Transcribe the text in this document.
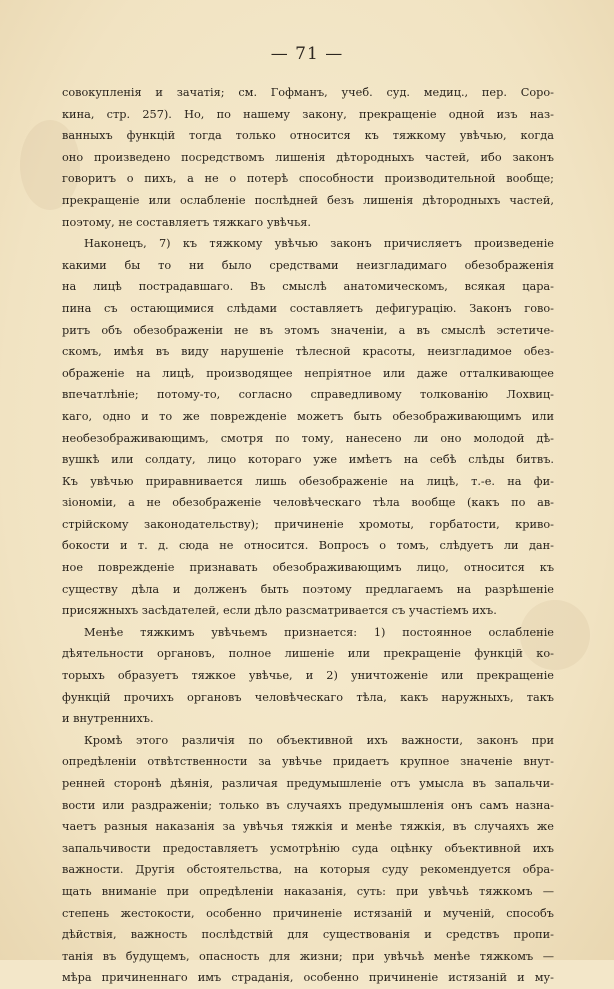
— 71 —
совокупленія и зачатія; см. Гофманъ, учеб. суд. медиц., пер. Соро-
кина, стр. 257). Но, по нашему закону, прекращеніе одной изъ наз-
ванныхъ функцій тогда только относится къ тяжкому увѣчью, когда
оно произведено посредствомъ лишенія дѣтородныхъ частей, ибо законъ
говоритъ о пихъ, а не о потерѣ способности производительной вообще;
прекращеніе или ослабленіе послѣдней безъ лишенія дѣтородныхъ частей,
поэтому, не составляетъ тяжкаго увѣчья.
Наконецъ, 7) къ тяжкому увѣчью законъ причисляетъ произведеніе
какими бы то ни было средствами неизгладимаго обезображенія
на лицѣ пострадавшаго. Въ смыслѣ анатомическомъ, всякая цара-
пина съ остающимися слѣдами составляетъ дефигурацію. Законъ гово-
ритъ объ обезображеніи не въ этомъ значеніи, а въ смыслѣ эстетиче-
скомъ, имѣя въ виду нарушеніе тѣлесной красоты, неизгладимое обез-
ображеніе на лицѣ, производящее непріятное или даже отталкивающее
впечатлѣніе; потому-то, согласно справедливому толкованію Лохвиц-
каго, одно и то же поврежденіе можетъ быть обезображивающимъ или
необезображивающимъ, смотря по тому, нанесено ли оно молодой дѣ-
вушкѣ или солдату, лицо котораго уже имѣетъ на себѣ слѣды битвъ.
Къ увѣчью приравнивается лишь обезображеніе на лицѣ, т.-е. на фи-
зіономіи, а не обезображеніе человѣческаго тѣла вообще (какъ по ав-
стрійскому законодательству); причиненіе хромоты, горбатости, криво-
бокости и т. д. сюда не относится. Вопросъ о томъ, слѣдуетъ ли дан-
ное поврежденіе признавать обезображивающимъ лицо, относится къ
существу дѣла и долженъ быть поэтому предлагаемъ на разрѣшеніе
присяжныхъ засѣдателей, если дѣло разсматривается съ участіемъ ихъ.
Менѣе тяжкимъ увѣчьемъ признается: 1) постоянное ослабленіе
дѣятельности органовъ, полное лишеніе или прекращеніе функцій ко-
торыхъ образуетъ тяжкое увѣчье, и 2) уничтоженіе или прекращеніе
функцій прочихъ органовъ человѣческаго тѣла, какъ наружныхъ, такъ
и внутреннихъ.
Кромѣ этого различія по объективной ихъ важности, законъ при
опредѣленіи отвѣтственности за увѣчье придаетъ крупное значеніе внут-
ренней сторонѣ дѣянія, различая предумышленіе отъ умысла въ запальчи-
вости или раздраженіи; только въ случаяхъ предумышленія онъ самъ назна-
чаетъ разныя наказанія за увѣчья тяжкія и менѣе тяжкія, въ случаяхъ же
запальчивости предоставляетъ усмотрѣнію суда оцѣнку объективной ихъ
важности. Другія обстоятельства, на которыя суду рекомендуется обра-
щать вниманіе при опредѣленіи наказанія, суть: при увѣчьѣ тяжкомъ —
степень жестокости, особенно причиненіе истязаній и мученій, способъ
дѣйствія, важность послѣдствій для существованія и средствъ пропи-
танія въ будущемъ, опасность для жизни; при увѣчьѣ менѣе тяжкомъ —
мѣра причиненнаго имъ страданія, особенно причиненіе истязаній и му-
